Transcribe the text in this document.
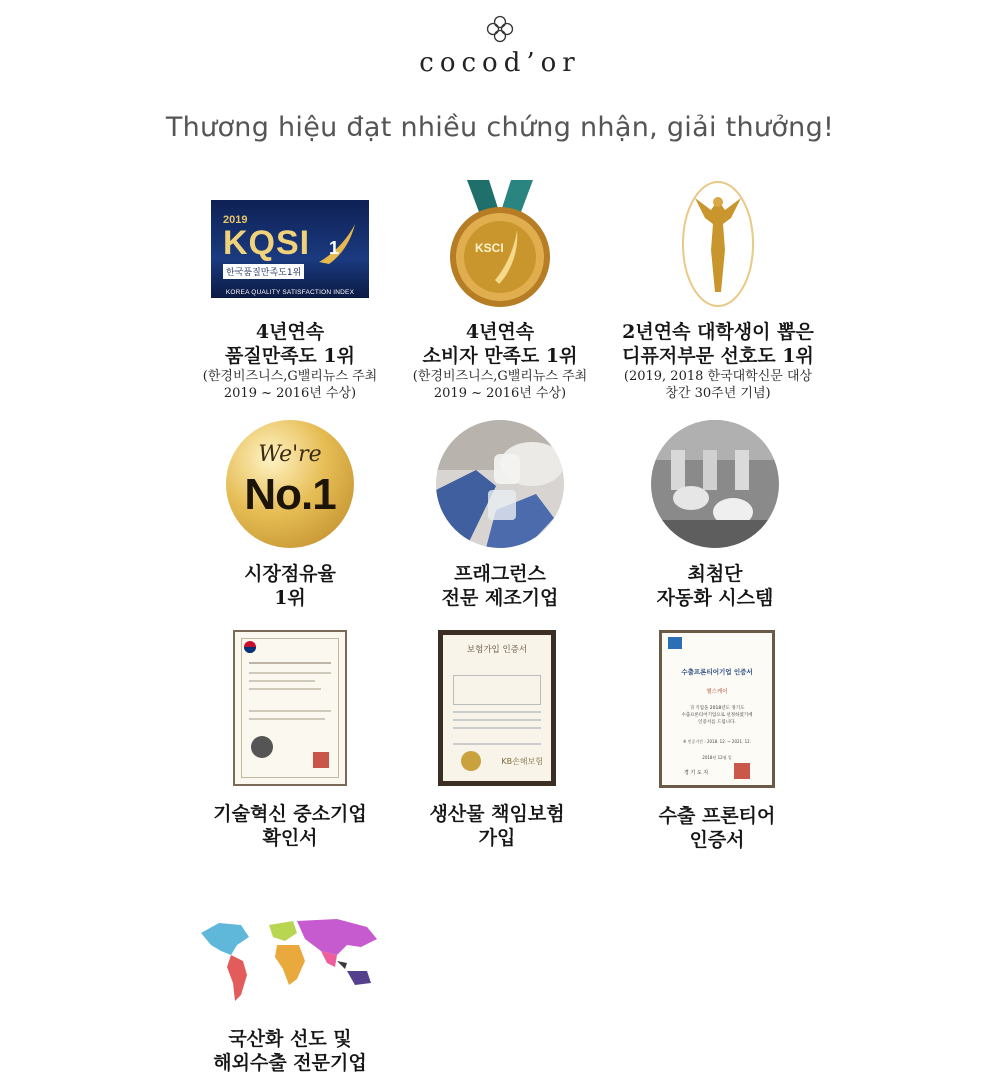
cocod’or
Thương hiệu đạt nhiều chứng nhận, giải thưởng!
2019
KQSI 1
한국품질만족도1위
KOREA QUALITY SATISFACTION INDEX
4년연속
품질만족도 1위
(한경비즈니스,G밸리뉴스 주최
2019 ~ 2016년 수상)
KSCI
4년연속
소비자 만족도 1위
(한경비즈니스,G밸리뉴스 주최
2019 ~ 2016년 수상)
2년연속 대학생이 뽑은
디퓨저부문 선호도 1위
(2019, 2018 한국대학신문 대상
창간 30주년 기념)
We're
No.1
시장점유율
1위
프래그런스
전문 제조기업
최첨단
자동화 시스템
기술혁신 중소기업
확인서
보험가입 인증서
KB손해보험
생산물 책임보험
가입
수출프론티어기업 인증서
헬스케어
귀 기업을 2018년도 경기도
수출프론티어기업으로 선정하였기에
인증서를 드립니다.
※ 인증기간 : 2018. 12. ~ 2021. 12.
2018년 12월 일
경 기 도 지
수출 프론티어
인증서
국산화 선도 및
해외수출 전문기업
